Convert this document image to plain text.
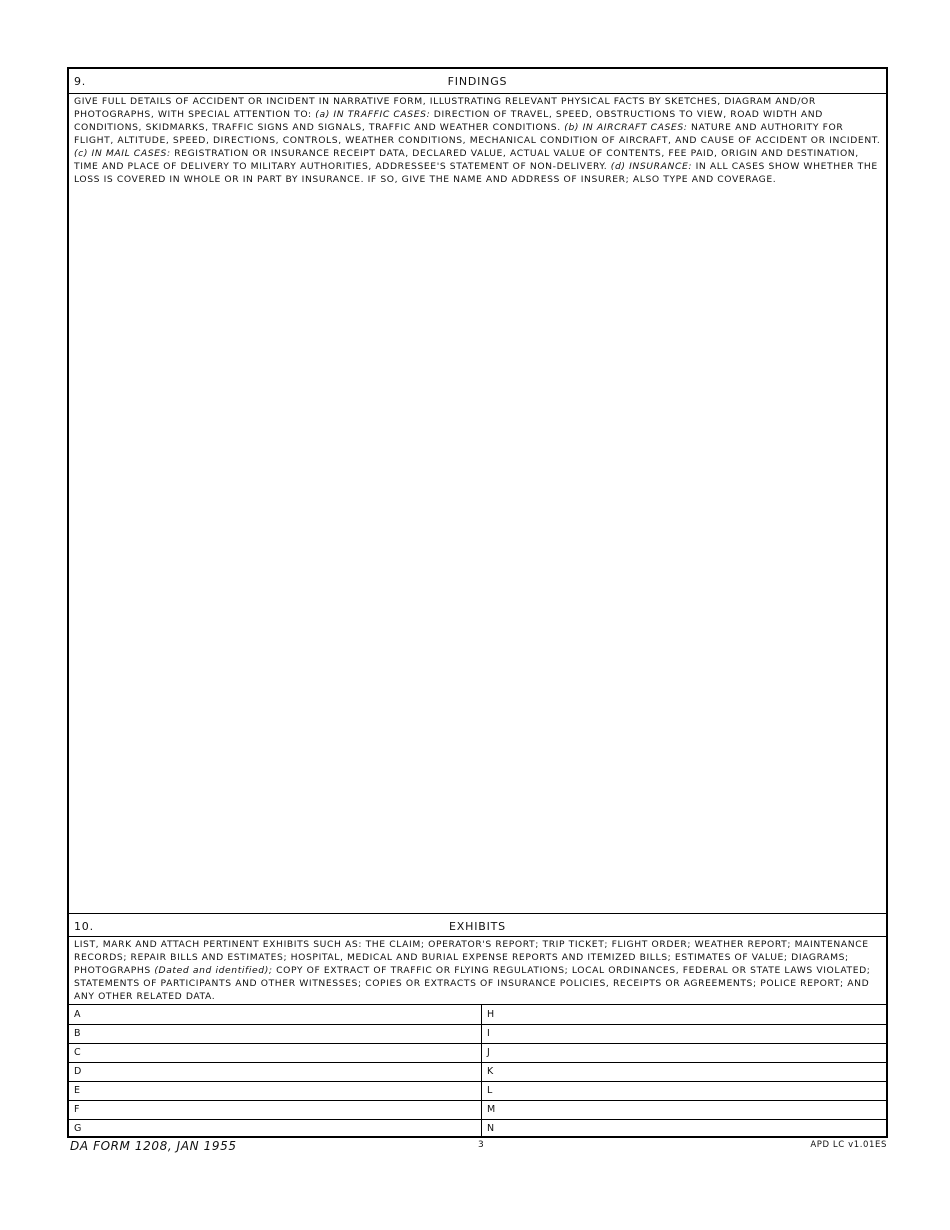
9.	FINDINGS
GIVE FULL DETAILS OF ACCIDENT OR INCIDENT IN NARRATIVE FORM, ILLUSTRATING RELEVANT PHYSICAL FACTS BY SKETCHES, DIAGRAM AND/OR PHOTOGRAPHS, WITH SPECIAL ATTENTION TO: (a) IN TRAFFIC CASES: DIRECTION OF TRAVEL, SPEED, OBSTRUCTIONS TO VIEW, ROAD WIDTH AND CONDITIONS, SKIDMARKS, TRAFFIC SIGNS AND SIGNALS, TRAFFIC AND WEATHER CONDITIONS. (b) IN AIRCRAFT CASES: NATURE AND AUTHORITY FOR FLIGHT, ALTITUDE, SPEED, DIRECTIONS, CONTROLS, WEATHER CONDITIONS, MECHANICAL CONDITION OF AIRCRAFT, AND CAUSE OF ACCIDENT OR INCIDENT. (c) IN MAIL CASES: REGISTRATION OR INSURANCE RECEIPT DATA, DECLARED VALUE, ACTUAL VALUE OF CONTENTS, FEE PAID, ORIGIN AND DESTINATION, TIME AND PLACE OF DELIVERY TO MILITARY AUTHORITIES, ADDRESSEE'S STATEMENT OF NON-DELIVERY. (d) INSURANCE: IN ALL CASES SHOW WHETHER THE LOSS IS COVERED IN WHOLE OR IN PART BY INSURANCE. IF SO, GIVE THE NAME AND ADDRESS OF INSURER; ALSO TYPE AND COVERAGE.
10.	EXHIBITS
LIST, MARK AND ATTACH PERTINENT EXHIBITS SUCH AS: THE CLAIM; OPERATOR'S REPORT; TRIP TICKET; FLIGHT ORDER; WEATHER REPORT; MAINTENANCE RECORDS; REPAIR BILLS AND ESTIMATES; HOSPITAL, MEDICAL AND BURIAL EXPENSE REPORTS AND ITEMIZED BILLS; ESTIMATES OF VALUE; DIAGRAMS; PHOTOGRAPHS (Dated and identified); COPY OF EXTRACT OF TRAFFIC OR FLYING REGULATIONS; LOCAL ORDINANCES, FEDERAL OR STATE LAWS VIOLATED; STATEMENTS OF PARTICIPANTS AND OTHER WITNESSES; COPIES OR EXTRACTS OF INSURANCE POLICIES, RECEIPTS OR AGREEMENTS; POLICE REPORT; AND ANY OTHER RELATED DATA.
A	H
B	I
C	J
D	K
E	L
F	M
G	N
DA FORM 1208, JAN 1955	3	APD LC v1.01ES
